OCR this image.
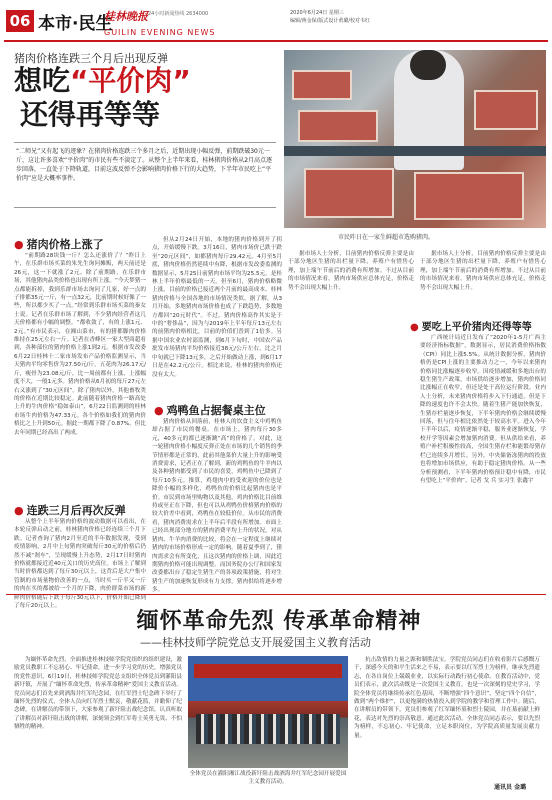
06 本市·民生
桂林晚报 24小时新闻热线 2634000
GUILIN EVENING NEWS
2020年6月24日 星期三
编辑/蒋金保/版式设计黄璐/校对韦红
猪肉价格连跌三个月后出现反弹
想吃“平价肉”
还得再等等
市民昨日在一家生鲜超市选购猪肉。
“二师兄”又有起飞的迹象？在猪肉价格连跌三个多月之后，近期出现小幅反弹，前期跌破30元一斤，这让许多喜欢“平价肉”的市民有些不淡定了。从整个上半年来看，桂林猪肉价格从2月高点逐步回落，一直处于下降轨道，目前这波反弹不会影响猪肉价格下行的大趋势，下半年市民吃上“平价肉”应是大概率事件。
● 猪肉价格上涨了

“前期路28块钱一斤？怎么还涨价了？”昨日上午，在乐群市场买菜的朱先生询问摊贩，两天前还是26元，这一下就涨了2元。除了前期路，在乐群市场，其他猪肉品类价格也出现有所上涨。“今天梦猪一点都能拆掉，我到乐群市场去询问了几家，好一点的子排都35元一斤，有一点32元，比前期时候好像了一些，所以都少买了一点。”经常到乐群市场买菜的秦女士说。记者在乐群市场了解到，不少猪肉经营者这几天价格都有小幅的调整。“都收敛了，有的上涨1元、2元。”有市民表示，在湘山菜市，有的猪都脚肉价格维持在25元左右一斤。记者在香峰区一家大型商超看到，各种部位的猪肉价格上涨1到2元。根据市发改委6月22日桂林十二家市场发布产品价格监测显示，当天猪肉平均零售价为27.50元/斤，五花肉为26.17元/斤，瘦骨为23.08元/斤，比一周前都有上涨，上涨幅度不大，一般1元多。猪肉价格从6月初的每斤27元左右又涨到了“30元区间”。除了猪肉以外，其他畜牧类的价格在近期比较稳定。此前随着猪肉价格一路高处上升的牛肉价格“稳如泰山”，6月22日监测到的桂林市场牛肉价格为47.33元。各个价格如我们的猪肉价格比之上升到50元。据此一期都下降了0.87%。但比去年同期已经高出了两成。

● 连跌三月后再次反弹

从整个上半年猪肉价格的波动数据可以看出，在本轮反弹启动之前，桂林猪肉价格已经连续三个月下跌。记者查询了猪肉2月至近的半年数据发现，受到疫情影响，2月中上旬猪肉突破每斤30元的价格后仍然不减“刹车”，呈现缓慢上升态势，2月17日时猪肉价格就都接近近40元关口的历史高位。市场上了解到当时价格都达到了每斤30元以上，这背后是大户集中管制的市场量物价改善的一点，当时买一斤半又一斤的肉在买的都被给一个月的下降，肉价群菜市场的新鲜肉价格随后下跌于每斤30元以下，价格开始已降到了每斤20元以上。

但从2月24日开始，本地的猪肉价格到开了拐点，开始缓慢下跌。3月16日，猪肉市场价已跌于跌至“20元区间”，如都猪肉每斤29.42元。4月至5月底，猪肉价格仍然延续中有降，根据市发改委监测的数据显示，5月25日前猪肉市场平均为25.5元，是桂林上半年价格最低的一天。但至6月，猪肉价格略微上涨，目前的价格已接近两个月前的最高成本。桂林猪肉价格与全国各地的市场情况类似。据了解，从3月开始，多地猪肉市场价格也成了下跌趋势，多数地方都回“20元时代”。不过，猪肉价格高作其实是于中的“奢侈品”，因为与2019年上半年每斤13元左右的前猪肉价格相比，目前的价值们普到了1倍多。另据中国农业农村部监测，到6月下旬时，中国农产品批发市场猪肉平均价格接近38元/公斤左右，比之月中旬就已下降13元多，之后开始做动上涨，到6月17日是在42.2元/公斤。相比来说，桂林的猪肉价格还没有太大。

● 鸡鸭鱼占据餐桌主位

猪肉价格从回落前，桂林人的饮食主义中鸡鸭鱼却占据了市民的餐桌。在市场上，猪肉每斤30多元，40多元的都已逐渐跳“高”的价格了。对此，这一轮猪肉价格小幅度反弹正处在市场的几个销售的季节情形都是正常的，此前其他菜价大量上升的影响受消费需求，记者正在了解到，新的鸡鸭鱼的牛羊肉以及各种猪肉都受到了市民的喜爱，鸡鸭鱼中已降到了每斤10多元。推算，鸡翅肉中的受欢迎的价位也是降价小幅的多样化，鸡鸭鱼的价格比起猪肉也是平价。市民到市场里购物以及其他，鸡肉价格比目前维持或至正在下降，但也可以从鸡鸭鱼价格猪肉价格的较大价差中看到，鸡鸭鱼在较低价位。从市民的消费看，猪肉消费需求在上半年后半段有所增加。市面上已经出现部分地方的猪肉消费平均上升的状况，对从猪肉、牛羊肉消费的比较，将会在一定程度上继续对猪肉的市场价格形成一定的影响。随着夏季到了，猪肉需求会有所变化，且这次猪肉的价格上调，因此近期猪肉价格可能出现调整。而国务院办公厅和国家发改委都出台了稳定生猪生产的各项政策措施，将对生猪生产的加速恢复形成有力支撑，猪肉供给将逐步增多。

据市场人士分析，目前猪肉价格反弹主要是由于部分地区生猪的出栏量下降，养殖户有惜售心理，加上端午节前后的消费有所增加。不过从目前的市场情况来看，猪肉市场供应总体充足，价格走势不会出现大幅上升。

● 要吃上平价猪肉还得等等

据市场人士分析，目前猪肉价格反弹主要是由于部分地区生猪的出栏量下降，养殖户有惜售心理，加上端午节前后的消费有所增加。不过从目前的市场情况来看，猪肉市场供应总体充足，价格走势不会出现大幅上升。

广西统计局近日发布了“2020年1-5月广西主要经济指标数据”，数据显示，居民消费价格指数（CPI）同比上涨5.5%。从统计数据分析，猪肉价格仍是CPI上涨的主要推动力之一，今年以来猪肉价格同比涨幅逐步收窄。因疫情减缓和多地出台的稳生猪生产政策，市场供给逐步增加，猪肉价格同比涨幅正在收窄，但还是处于高位运行阶段。业内人士分析，未来猪肉价格将步入下行通道，但是下降的速度也许不会太快。随着生猪产能加快恢复，生猪存栏量逐步恢复，下半年猪肉价格会继续缓慢回落，但与往年相比依然处于较高水平。进入今年下半年以后，疫情逐渐平稳，服务业逐渐恢复，学校开学等因素会增加猪肉消费。但从供给来看，养殖户补栏积极性较高，全国生猪存栏和能繁母猪存栏已连续多月增长。另外，中央储备冻猪肉的投放也将增加市场供应，有助于稳定猪肉价格。从一些分析预测看，下半年猪肉价格预计稳中有降，市民有望吃上“平价肉”。记者 戈 兵 实习生 张鑫宇

缅怀革命先烈 传承革命精神
——桂林技师学院党总支开展爱国主义教育活动

为缅怀革命先烈，全面推进桂林技师学院党组织的组织建设，激励党员教职工不忘初心、牢记使命，进一步学习党的历史，增强党员的党性意识，6月19日，桂林技师学院党总支组织全体党员到灌阳县新圩镇，开展了“缅怀革命先烈，传承革命精神”爱国主义教育活动。党员同志们首先来到酒海井红军纪念园，在红军烈士纪念碑下举行了缅怀先烈的仪式，全体人员向红军烈士默哀，敬献花篮，并瞻仰了纪念碑。在讲解员的带领下，大家参观了新圩阻击战纪念馆，认真听取了讲解员对新圩阻击战的讲解，深刻领会到红军将士英勇无畏、不怕牺牲的精神。

全体党员在灌阳湘江战役新圩阻击战酒海井红军纪念园开展爱国主义教育活动。

抗击敌情的力量之源和制胜法宝。学院党员同志们在收看影片后感慨万千，深感今天的和平生活来之不易，表示要以红军烈士为榜样，继承先烈遗志，在各自岗位上兢兢业业，以实际行动践行初心使命。在教育活动中，党员们表示，此次活动既是一次爱国主义教育，也是一次深刻的党史学习，学院全体党员将继续传承红色基因，不断增强“四个意识”，坚定“四个自信”，做到“两个维护”，以更饱满的热情投入到学院的教学和管理工作中。随后，在讲解员的带领下，党员们参观了红军缅怀墓和烈士陵园，并在墓前献上鲜花，表达对先烈的崇高敬意。通过此次活动，全体党员同志表示，要以先烈为榜样，不忘初心、牢记使命，立足本职岗位，为学院高质量发展贡献力量。

通讯员 金璐
